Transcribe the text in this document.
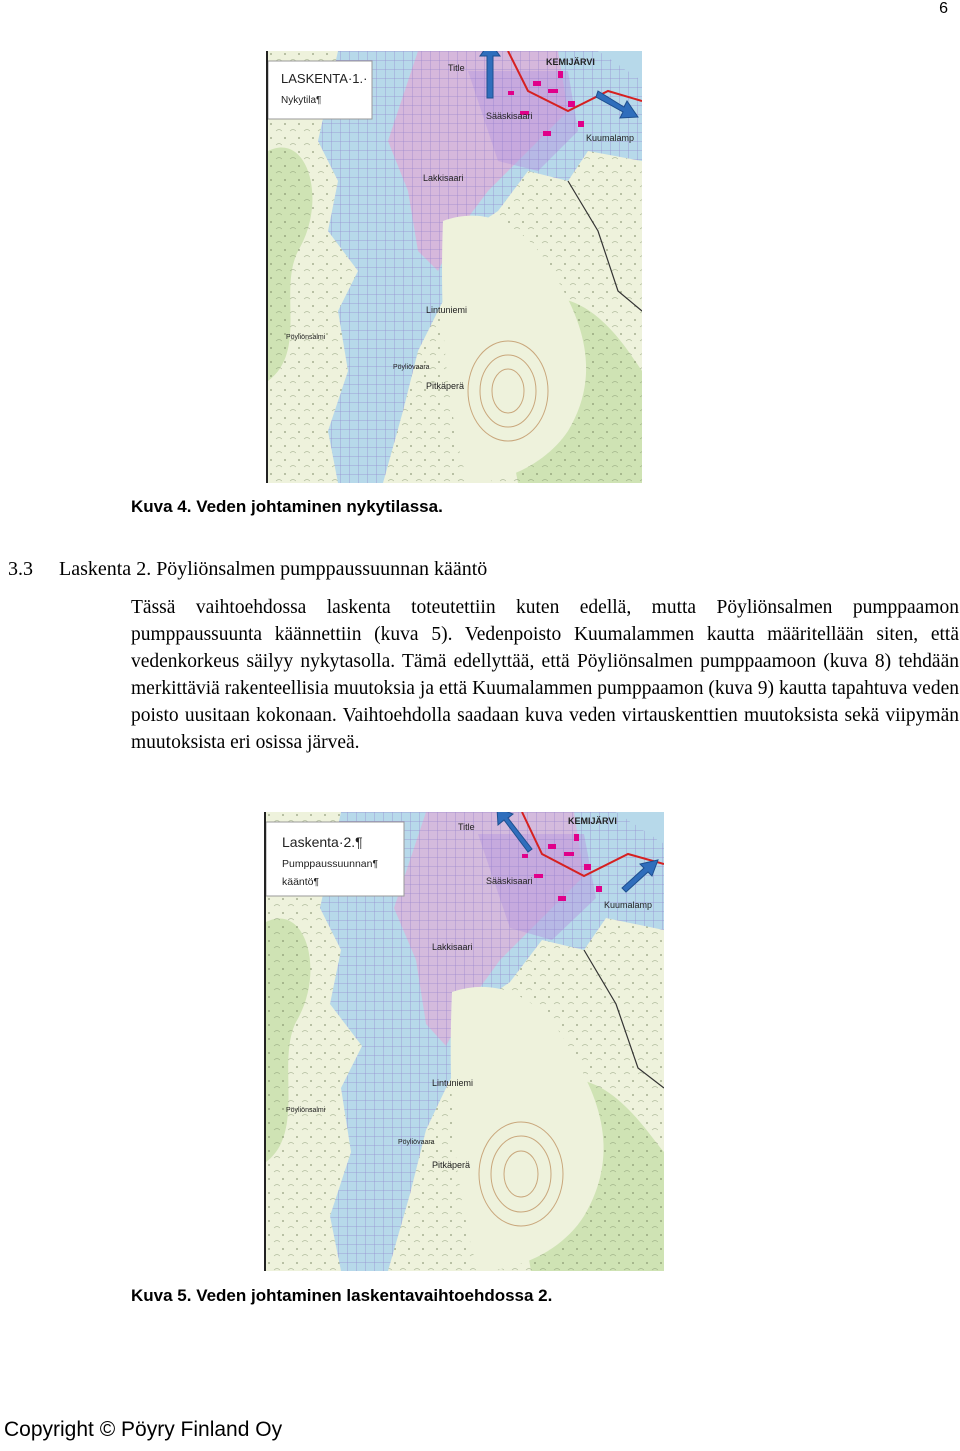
6
Title
KEMIJÄRVI
Sääskisaari
Kuumalamp
Lakkisaari
Lintuniemi
Pöyliönsalmi
Pöyliövaara
Pitkäperä
LASKENTA·1.·
Nykytila¶
Kuva 4. Veden johtaminen nykytilassa.
3.3 Laskenta 2. Pöyliönsalmen pumppaussuunnan kääntö
Tässä vaihtoehdossa laskenta toteutettiin kuten edellä, mutta Pöyliönsalmen pumppaamon pumppaussuunta käännettiin (kuva 5). Vedenpoisto Kuumalammen kautta määritellään siten, että vedenkorkeus säilyy nykytasolla. Tämä edellyttää, että Pöyliönsalmen pumppaamoon (kuva 8) tehdään merkittäviä rakenteellisia muutoksia ja että Kuumalammen pumppaamon (kuva 9) kautta tapahtuva veden poisto uusitaan kokonaan. Vaihtoehdolla saadaan kuva veden virtauskenttien muutoksista sekä viipymän muutoksista eri osissa järveä.
Title
KEMIJÄRVI
Sääskisaari
Kuumalamp
Lakkisaari
Lintuniemi
Pöyliönsalmi
Pöyliövaara
Pitkäperä
Laskenta·2.¶
Pumppaussuunnan¶
kääntö¶
Kuva 5. Veden johtaminen laskentavaihtoehdossa 2.
Copyright © Pöyry Finland Oy
